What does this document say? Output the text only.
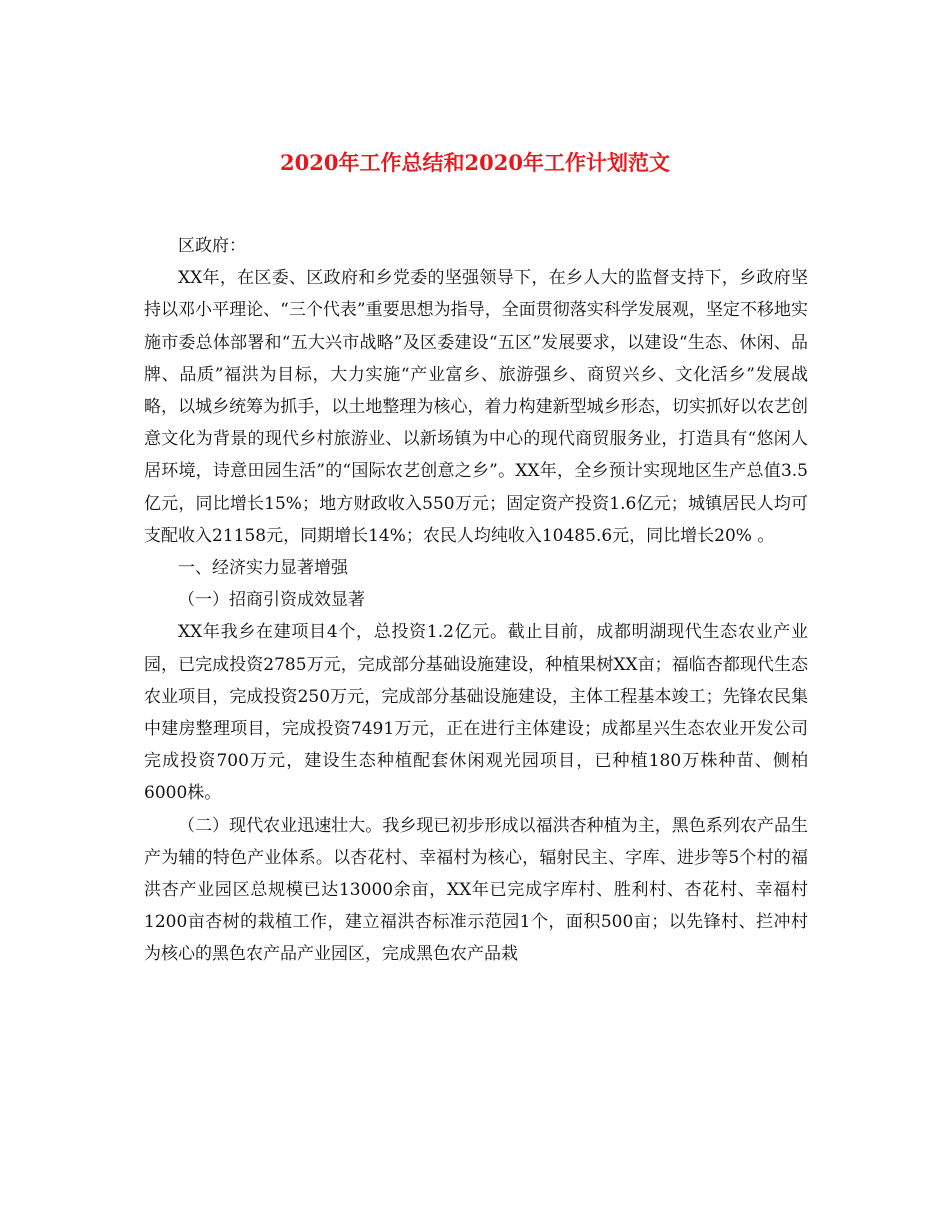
2020年工作总结和2020年工作计划范文

区政府：

XX年，在区委、区政府和乡党委的坚强领导下，在乡人大的监督支持下，乡政府坚持以邓小平理论、“三个代表”重要思想为指导，全面贯彻落实科学发展观，坚定不移地实施市委总体部署和“五大兴市战略”及区委建设“五区”发展要求，以建设“生态、休闲、品牌、品质”福洪为目标，大力实施“产业富乡、旅游强乡、商贸兴乡、文化活乡”发展战略，以城乡统筹为抓手，以土地整理为核心，着力构建新型城乡形态，切实抓好以农艺创意文化为背景的现代乡村旅游业、以新场镇为中心的现代商贸服务业，打造具有“悠闲人居环境，诗意田园生活”的“国际农艺创意之乡”。XX年，全乡预计实现地区生产总值3.5亿元，同比增长15%；地方财政收入550万元；固定资产投资1.6亿元；城镇居民人均可支配收入21158元，同期增长14%；农民人均纯收入10485.6元，同比增长20% 。

一、经济实力显著增强

（一）招商引资成效显著

XX年我乡在建项目4个，总投资1.2亿元。截止目前，成都明湖现代生态农业产业园，已完成投资2785万元，完成部分基础设施建设，种植果树XX亩；福临杏都现代生态农业项目，完成投资250万元，完成部分基础设施建设，主体工程基本竣工；先锋农民集中建房整理项目，完成投资7491万元，正在进行主体建设；成都星兴生态农业开发公司完成投资700万元，建设生态种植配套休闲观光园项目，已种植180万株种苗、侧柏6000株。

（二）现代农业迅速壮大。我乡现已初步形成以福洪杏种植为主，黑色系列农产品生产为辅的特色产业体系。以杏花村、幸福村为核心，辐射民主、字库、进步等5个村的福洪杏产业园区总规模已达13000余亩，XX年已完成字库村、胜利村、杏花村、幸福村1200亩杏树的栽植工作，建立福洪杏标准示范园1个，面积500亩；以先锋村、拦冲村为核心的黑色农产品产业园区，完成黑色农产品栽
